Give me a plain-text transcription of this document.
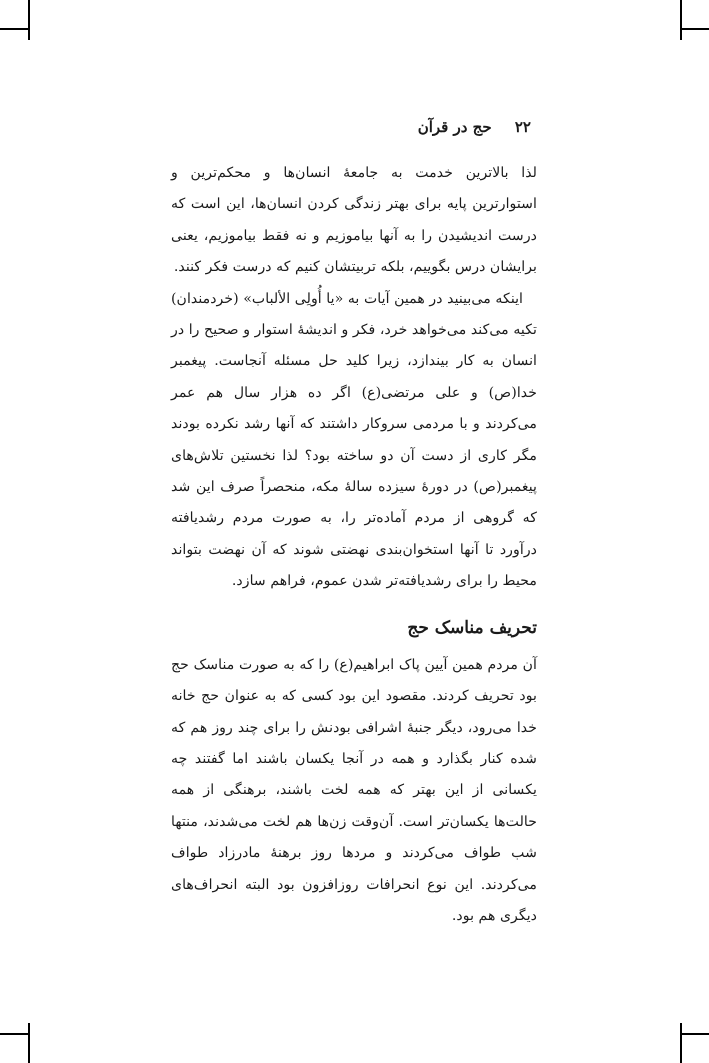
۲۲ حج در قرآن

لذا بالاترین خدمت به جامعهٔ انسان‌ها و محکم‌ترین و استوارترین پایه برای بهتر زندگی کردن انسان‌ها، این است که درست اندیشیدن را به آنها بیاموزیم و نه فقط بیاموزیم، یعنی برایشان درس بگوییم، بلکه تربیتشان کنیم که درست فکر کنند.

اینکه می‌بینید در همین آیات به «یا أُولِی الألباب» (خردمندان) تکیه می‌کند می‌خواهد خرد، فکر و اندیشهٔ استوار و صحیح را در انسان به کار بیندازد، زیرا کلید حل مسئله آنجاست. پیغمبر خدا(ص) و علی مرتضی(ع) اگر ده هزار سال هم عمر می‌کردند و با مردمی سروکار داشتند که آنها رشد نکرده بودند مگر کاری از دست آن دو ساخته بود؟ لذا نخستین تلاش‌های پیغمبر(ص) در دورهٔ سیزده سالهٔ مکه، منحصراً صرف این شد که گروهی از مردم آماده‌تر را، به صورت مردم رشدیافته درآورد تا آنها استخوان‌بندی نهضتی شوند که آن نهضت بتواند محیط را برای رشدیافته‌تر شدن عموم، فراهم سازد.

تحریف مناسک حج

آن مردم همین آیین پاک ابراهیم(ع) را که به صورت مناسک حج بود تحریف کردند. مقصود این بود کسی که به عنوان حج خانه خدا می‌رود، دیگر جنبهٔ اشرافی بودنش را برای چند روز هم که شده کنار بگذارد و همه در آنجا یکسان باشند اما گفتند چه یکسانی از این بهتر که همه لخت باشند، برهنگی از همه حالت‌ها یکسان‌تر است. آن‌وقت زن‌ها هم لخت می‌شدند، منتها شب طواف می‌کردند و مردها روز برهنهٔ مادرزاد طواف می‌کردند. این نوع انحرافات روزافزون بود البته انحراف‌های دیگری هم بود.
